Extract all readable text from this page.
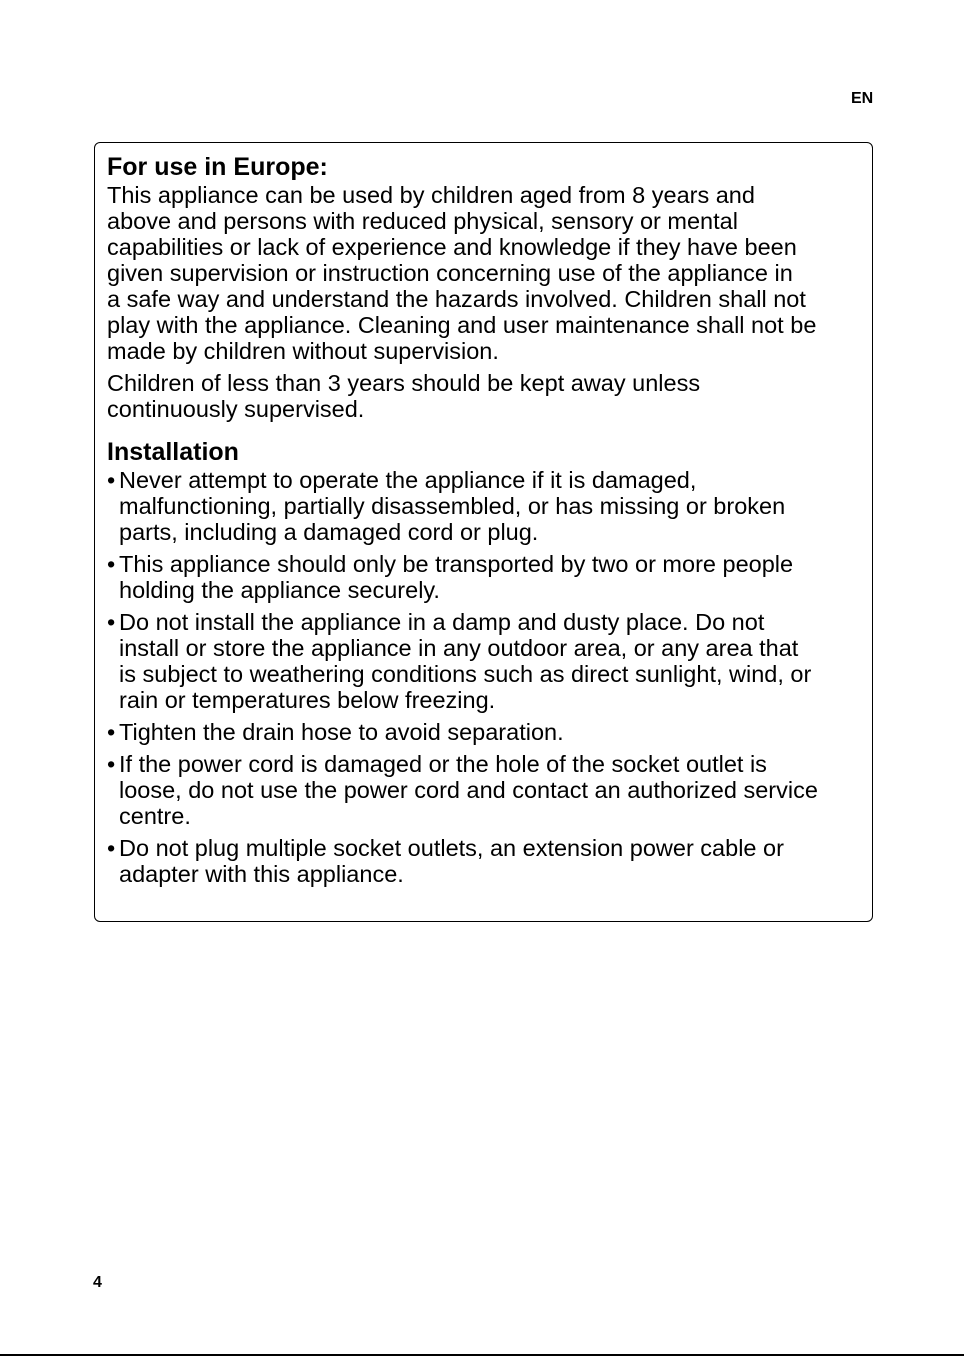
EN
For use in Europe:

This appliance can be used by children aged from 8 years and
above and persons with reduced physical, sensory or mental
capabilities or lack of experience and knowledge if they have been
given supervision or instruction concerning use of the appliance in
a safe way and understand the hazards involved. Children shall not
play with the appliance. Cleaning and user maintenance shall not be
made by children without supervision.

Children of less than 3 years should be kept away unless
continuously supervised.

Installation
• Never attempt to operate the appliance if it is damaged,
malfunctioning, partially disassembled, or has missing or broken
parts, including a damaged cord or plug.
• This appliance should only be transported by two or more people
holding the appliance securely.
• Do not install the appliance in a damp and dusty place. Do not
install or store the appliance in any outdoor area, or any area that
is subject to weathering conditions such as direct sunlight, wind, or
rain or temperatures below freezing.
• Tighten the drain hose to avoid separation.
• If the power cord is damaged or the hole of the socket outlet is
loose, do not use the power cord and contact an authorized service
centre.
• Do not plug multiple socket outlets, an extension power cable or
adapter with this appliance.
4
